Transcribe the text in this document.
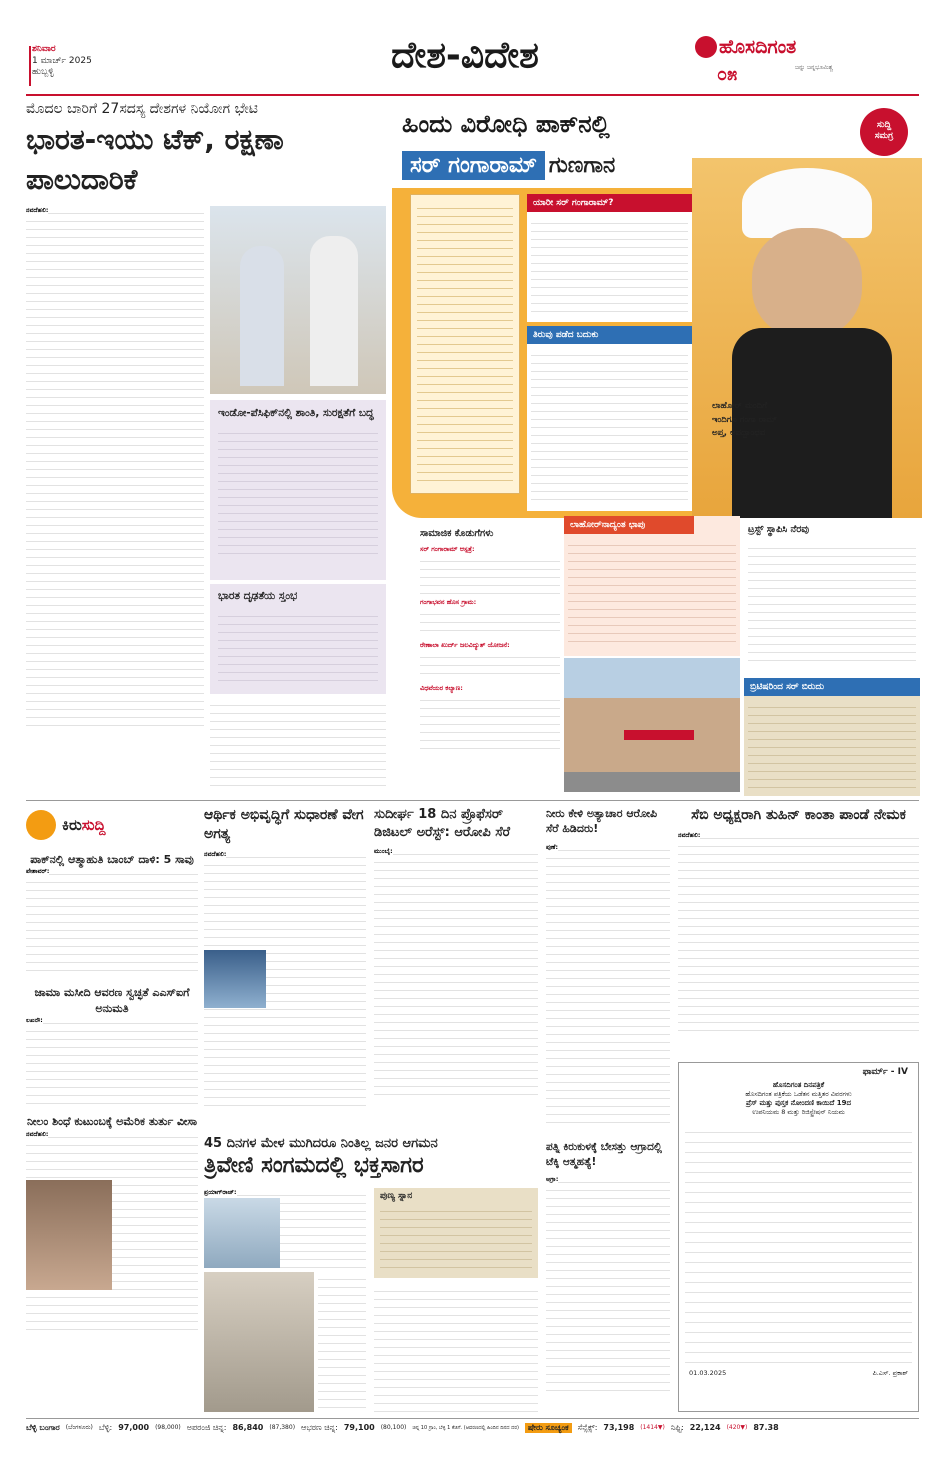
ಶನಿವಾರ
1 ಮಾರ್ಚ್ 2025
ಹುಬ್ಬಳ್ಳಿ	ದೇಶ-ವಿದೇಶ	ಹೊಸದಿಗಂತ
೦೫	ಜನ್ನು ಜನ್ನಭೂಮಿಶ್ಚ
ಮೊದಲ ಬಾರಿಗೆ 27ಸದಸ್ಯ ದೇಶಗಳ ನಿಯೋಗ ಭೇಟಿ
ಭಾರತ-ಇಯು ಟೆಕ್, ರಕ್ಷಣಾ ಪಾಲುದಾರಿಕೆ
ನವದೆಹಲಿ:
ಇಂಡೋ-ಪೆಸಿಫಿಕ್‌ನಲ್ಲಿ ಶಾಂತಿ, ಸುರಕ್ಷತೆಗೆ ಬದ್ಧ
ಭಾರತ ದೃಢತೆಯ ಸ್ತಂಭ
ಹಿಂದು ವಿರೋಧಿ ಪಾಕ್‌ನಲ್ಲಿ
ಸರ್ ಗಂಗಾರಾಮ್ ಗುಣಗಾನ
ಸುದ್ದಿ
ಸಮಗ್ರ
ಲಾಹೋರ್ ಮಂದಿಗೆ ಇಂದಿಗೂ ಗಂಗಾ ರಾಮ್ ಅಪ್ತ, ಆಪದ್ಬಾಂಧವ
ಯಾರೀ ಸರ್ ಗಂಗಾರಾಮ್?
ತಿರುವು ಪಡೆದ ಬದುಕು
ಸಾಮಾಜಿಕ ಕೊಡುಗೆಗಳು
ಸರ್ ಗಂಗಾರಾಮ್ ಆಸ್ಪತ್ರೆ:
ಗಂಗಾಭವನ ಹೊಸ ಗ್ರಾಮ:
ರೇಣಾಲಾ ಖುರ್ದ್ ಜಲವಿದ್ಯುತ್ ಯೋಜನೆ:
ವಿಧವೆಯರ ಕಲ್ಯಾಣ:
ಲಾಹೋರ್‌ನಾದ್ಯಂತ ಛಾಪು	ಟ್ರಸ್ಟ್ ಸ್ಥಾಪಿಸಿ ನೆರವು
ಬ್ರಿಟಿಷರಿಂದ ಸರ್ ಬಿರುದು
ಕಿರು ಸುದ್ದಿ
ಪಾಕ್‌ನಲ್ಲಿ ಆತ್ಮಾಹುತಿ ಬಾಂಬ್ ದಾಳಿ: 5 ಸಾವು
ಪೇಶಾವರ್:
ಜಾಮಾ ಮಸೀದಿ ಆವರಣ ಸ್ವಚ್ಛತೆ ಎಎಸ್‌ಐಗೆ ಅನುಮತಿ
ಲಖನೌ:
ನೀಲಂ ಶಿಂಧೆ ಕುಟುಂಬಕ್ಕೆ ಅಮೆರಿಕ ತುರ್ತು ವೀಸಾ
ನವದೆಹಲಿ:
ಆರ್ಥಿಕ ಅಭಿವೃದ್ಧಿಗೆ ಸುಧಾರಣೆ ವೇಗ ಅಗತ್ಯ
ನವದೆಹಲಿ:
ಸುದೀರ್ಘ 18 ದಿನ ಪ್ರೊಫೆಸರ್ ಡಿಜಿಟಲ್ ಅರೆಸ್ಟ್: ಆರೋಪಿ ಸೆರೆ
ಮುಂಬೈ:
ನೀರು ಕೇಳಿ ಅತ್ಯಾಚಾರ ಆರೋಪಿ ಸೆರೆ ಹಿಡಿದರು!
ಪುಣೆ:
ಸೆಬಿ ಅಧ್ಯಕ್ಷರಾಗಿ ತುಹಿನ್ ಕಾಂತಾ ಪಾಂಡೆ ನೇಮಕ
ನವದೆಹಲಿ:
ಫಾರ್ಮ್ - IV
ಹೊಸದಿಗಂತ ದಿನಪತ್ರಿಕೆ
ಹೊಸದಿಗಂತ ಪತ್ರಿಕೆಯ ಒಡೆತನ ಮತ್ತಿತರ ವಿವರಗಳು
ಪ್ರೆಸ್ ಮತ್ತು ಪುಸ್ತಕ ನೋಂದಣಿ ಕಾಯಿದೆ 19ದ
ಉಪನಿಯಮ 8 ಮತ್ತು ರಿಜಿಸ್ಟ್ರೇಷನ್ ನಿಯಮ
01.03.2025	ಪಿ.ಎಸ್. ಪ್ರಕಾಶ್
45 ದಿನಗಳ ಮೇಳ ಮುಗಿದರೂ ನಿಂತಿಲ್ಲ ಜನರ ಆಗಮನ
ತ್ರಿವೇಣಿ ಸಂಗಮದಲ್ಲಿ ಭಕ್ತಸಾಗರ
ಪ್ರಯಾಗ್‌ರಾಜ್:	ಪುಣ್ಯ ಸ್ನಾನ
ಪತ್ನಿ ಕಿರುಕುಳಕ್ಕೆ ಬೇಸತ್ತು ಆಗ್ರಾದಲ್ಲಿ ಟೆಕ್ಕಿ ಆತ್ಮಹತ್ಯೆ!
ಆಗ್ರಾ:
ಬೆಳ್ಳಿ ಬಂಗಾರ (ಬೆಂಗಳೂರು) ಬೆಳ್ಳಿ: 97,000 (98,000) ಅಪರಂಜಿ ಚಿನ್ನ: 86,840 (87,380) ಆಭರಣ ಚಿನ್ನ: 79,100 (80,100) ಚಿನ್ನ 10 ಗ್ರಾಂ, ಬೆಳ್ಳಿ 1 ಕೆಜಿಗೆ. (ಆವರಣದಲ್ಲಿ ಹಿಂದಿನ ದಿನದ ದರ)	ಷೇರು ಸೂಚ್ಯಂಕ	ಸೆನ್ಸೆಕ್ಸ್: 73,198 (1414▼) ನಿಫ್ಟಿ: 22,124 (420▼) 87.38
